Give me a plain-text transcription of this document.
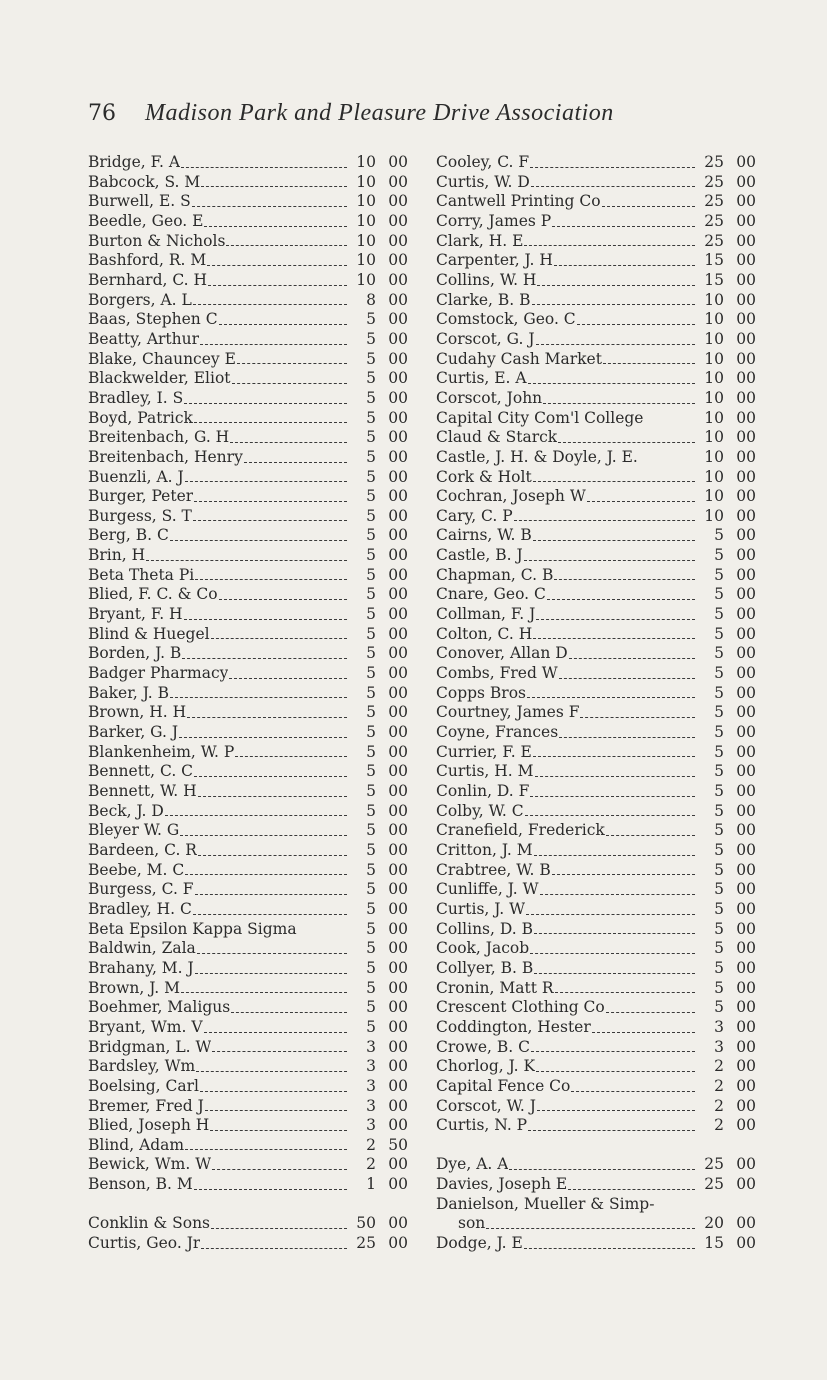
76 Madison Park and Pleasure Drive Association
Bridge, F. A	10 00
Babcock, S. M	10 00
Burwell, E. S	10 00
Beedle, Geo. E	10 00
Burton & Nichols	10 00
Bashford, R. M	10 00
Bernhard, C. H	10 00
Borgers, A. L	8 00
Baas, Stephen C	5 00
Beatty, Arthur	5 00
Blake, Chauncey E	5 00
Blackwelder, Eliot	5 00
Bradley, I. S	5 00
Boyd, Patrick	5 00
Breitenbach, G. H	5 00
Breitenbach, Henry	5 00
Buenzli, A. J	5 00
Burger, Peter	5 00
Burgess, S. T	5 00
Berg, B. C	5 00
Brin, H	5 00
Beta Theta Pi	5 00
Blied, F. C. & Co	5 00
Bryant, F. H	5 00
Blind & Huegel	5 00
Borden, J. B	5 00
Badger Pharmacy	5 00
Baker, J. B	5 00
Brown, H. H	5 00
Barker, G. J	5 00
Blankenheim, W. P	5 00
Bennett, C. C	5 00
Bennett, W. H	5 00
Beck, J. D	5 00
Bleyer W. G	5 00
Bardeen, C. R	5 00
Beebe, M. C	5 00
Burgess, C. F	5 00
Bradley, H. C	5 00
Beta Epsilon Kappa Sigma	5 00
Baldwin, Zala	5 00
Brahany, M. J	5 00
Brown, J. M	5 00
Boehmer, Maligus	5 00
Bryant, Wm. V	5 00
Bridgman, L. W	3 00
Bardsley, Wm	3 00
Boelsing, Carl	3 00
Bremer, Fred J	3 00
Blied, Joseph H	3 00
Blind, Adam	2 50
Bewick, Wm. W	2 00
Benson, B. M	1 00
Conklin & Sons	50 00
Curtis, Geo. Jr	25 00
Cooley, C. F	25 00
Curtis, W. D	25 00
Cantwell Printing Co	25 00
Corry, James P	25 00
Clark, H. E	25 00
Carpenter, J. H	15 00
Collins, W. H	15 00
Clarke, B. B	10 00
Comstock, Geo. C	10 00
Corscot, G. J	10 00
Cudahy Cash Market	10 00
Curtis, E. A	10 00
Corscot, John	10 00
Capital City Com'l College	10 00
Claud & Starck	10 00
Castle, J. H. & Doyle, J. E.	10 00
Cork & Holt	10 00
Cochran, Joseph W	10 00
Cary, C. P	10 00
Cairns, W. B	5 00
Castle, B. J	5 00
Chapman, C. B	5 00
Cnare, Geo. C	5 00
Collman, F. J	5 00
Colton, C. H	5 00
Conover, Allan D	5 00
Combs, Fred W	5 00
Copps Bros	5 00
Courtney, James F	5 00
Coyne, Frances	5 00
Currier, F. E	5 00
Curtis, H. M	5 00
Conlin, D. F	5 00
Colby, W. C	5 00
Cranefield, Frederick	5 00
Critton, J. M	5 00
Crabtree, W. B	5 00
Cunliffe, J. W	5 00
Curtis, J. W	5 00
Collins, D. B	5 00
Cook, Jacob	5 00
Collyer, B. B	5 00
Cronin, Matt R	5 00
Crescent Clothing Co	5 00
Coddington, Hester	3 00
Crowe, B. C	3 00
Chorlog, J. K	2 00
Capital Fence Co	2 00
Corscot, W. J	2 00
Curtis, N. P	2 00
Dye, A. A	25 00
Davies, Joseph E	25 00
Danielson, Mueller & Simp-
son	20 00
Dodge, J. E	15 00
